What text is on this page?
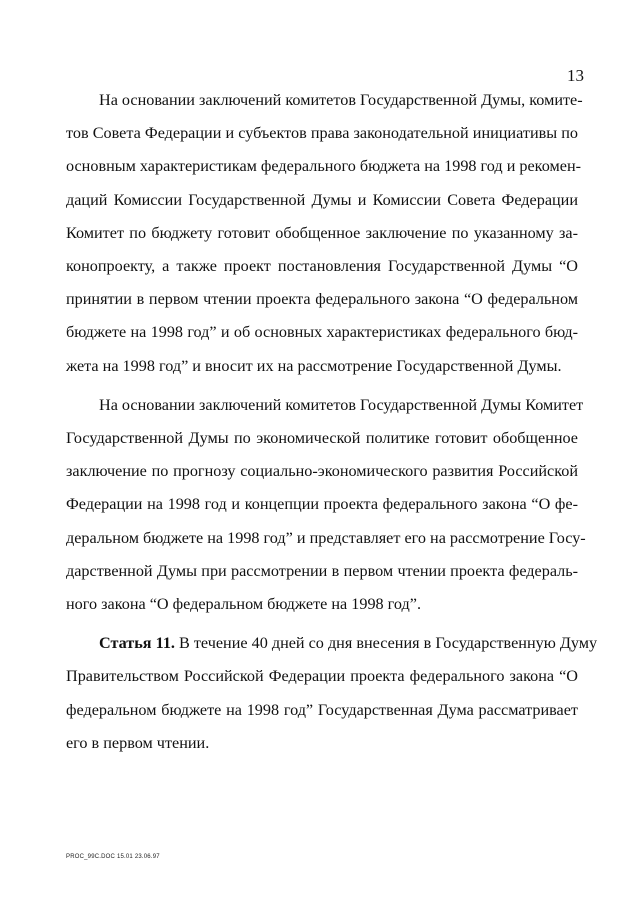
13
На основании заключений комитетов Государственной Думы, комите-
тов Совета Федерации и субъектов права законодательной инициативы по
основным характеристикам федерального бюджета на 1998 год и рекомен-
даций Комиссии Государственной Думы и Комиссии Совета Федерации
Комитет по бюджету готовит обобщенное заключение по указанному за-
конопроекту, а также проект постановления Государственной Думы “О
принятии в первом чтении проекта федерального закона “О федеральном
бюджете на 1998 год” и об основных характеристиках федерального бюд-
жета на 1998 год” и вносит их на рассмотрение Государственной Думы.
На основании заключений комитетов Государственной Думы Комитет
Государственной Думы по экономической политике готовит обобщенное
заключение по прогнозу социально-экономического развития Российской
Федерации на 1998 год и концепции проекта федерального закона “О фе-
деральном бюджете на 1998 год” и представляет его на рассмотрение Госу-
дарственной Думы при рассмотрении в первом чтении проекта федераль-
ного закона “О федеральном бюджете на 1998 год”.
Статья 11. В течение 40 дней со дня внесения в Государственную Думу
Правительством Российской Федерации проекта федерального закона “О
федеральном бюджете на 1998 год” Государственная Дума рассматривает
его в первом чтении.
PROC_99C.DOC 15.01 23.06.97
